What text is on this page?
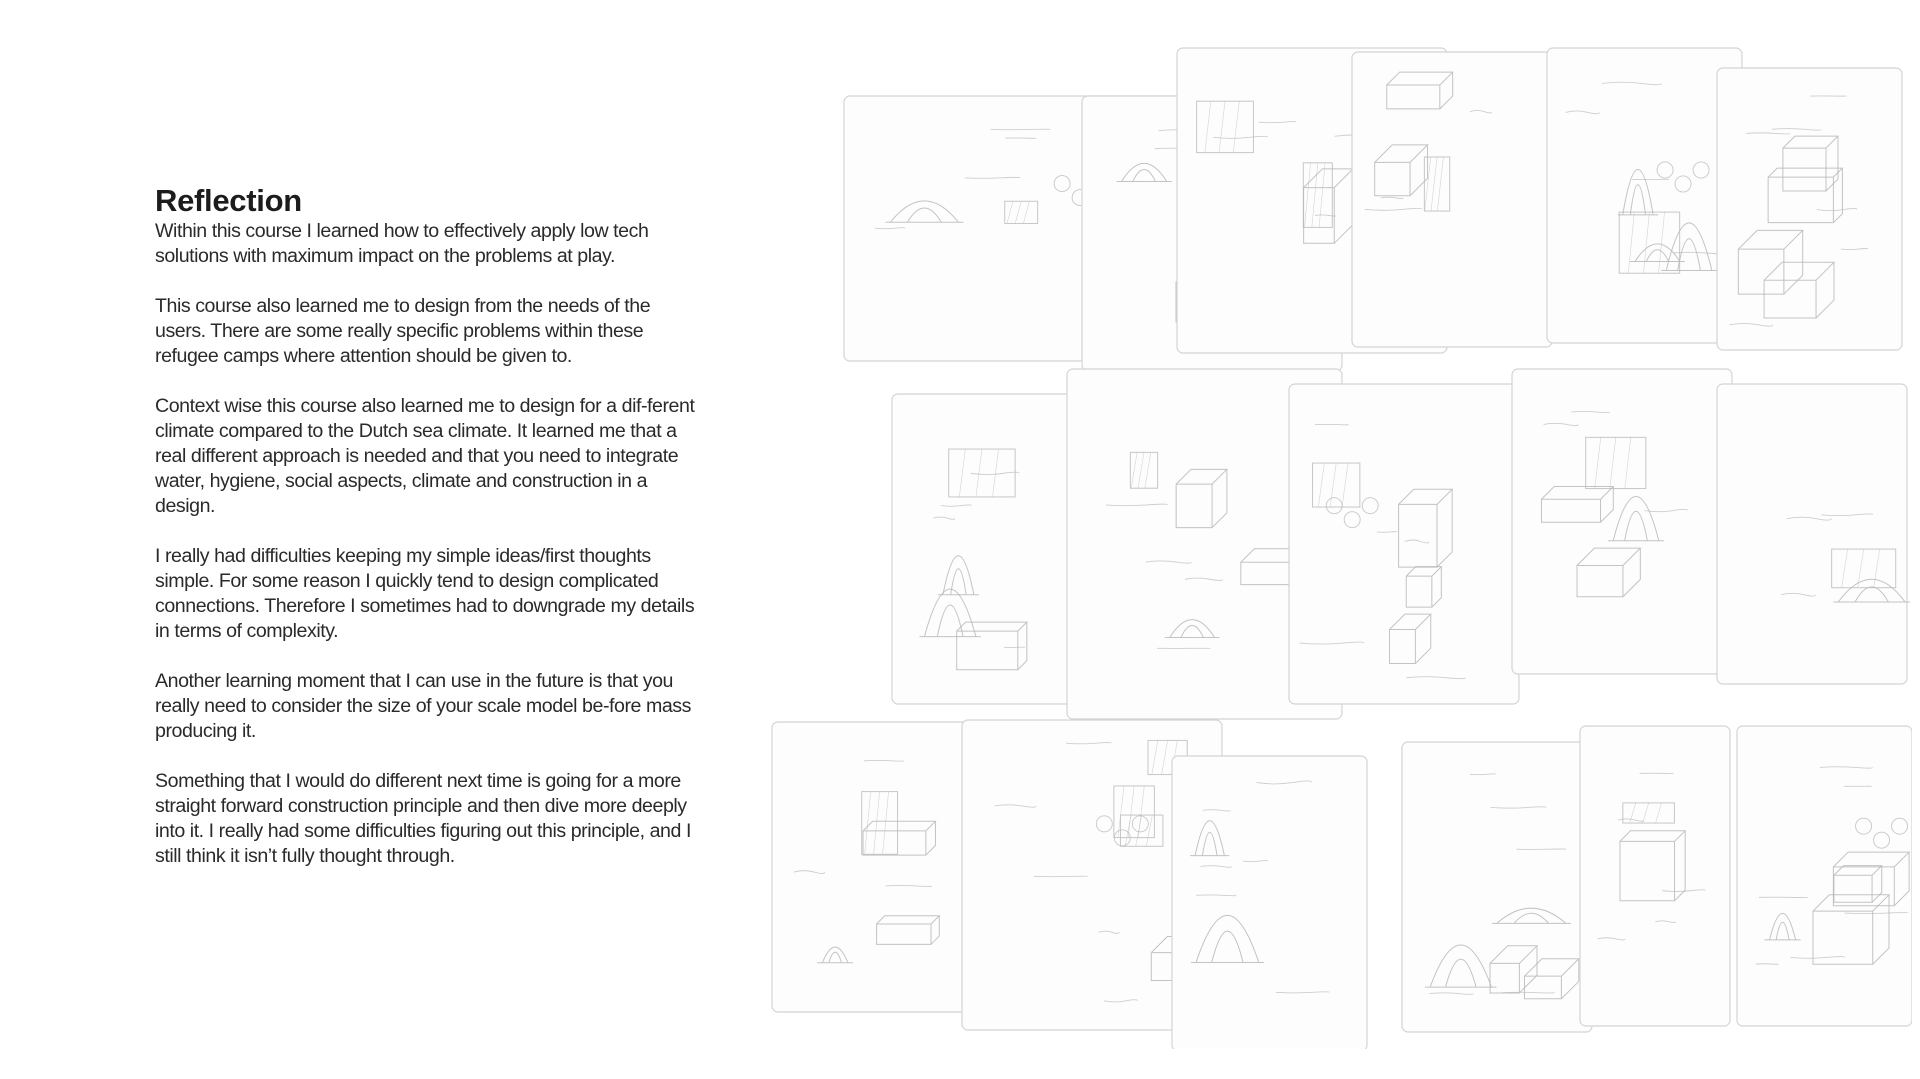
Reflection

Within this course I learned how to effectively apply low tech solutions with maximum impact on the problems at play.

This course also learned me to design from the needs of the users. There are some really specific problems within these refugee camps where attention should be given to.

Context wise this course also learned me to design for a dif-ferent climate compared to the Dutch sea climate. It learned me that a real different approach is needed and that you need to integrate water, hygiene, social aspects, climate and construction in a design.

I really had difficulties keeping my simple ideas/first thoughts simple. For some reason I quickly tend to design complicated connections. Therefore I sometimes had to downgrade my details in terms of complexity.

Another learning moment that I can use in the future is that you really need to consider the size of your scale model be-fore mass producing it.

Something that I would do different next time is going for a more straight forward construction principle and then dive more deeply into it. I really had some difficulties figuring out this principle, and I still think it isn’t fully thought through.
